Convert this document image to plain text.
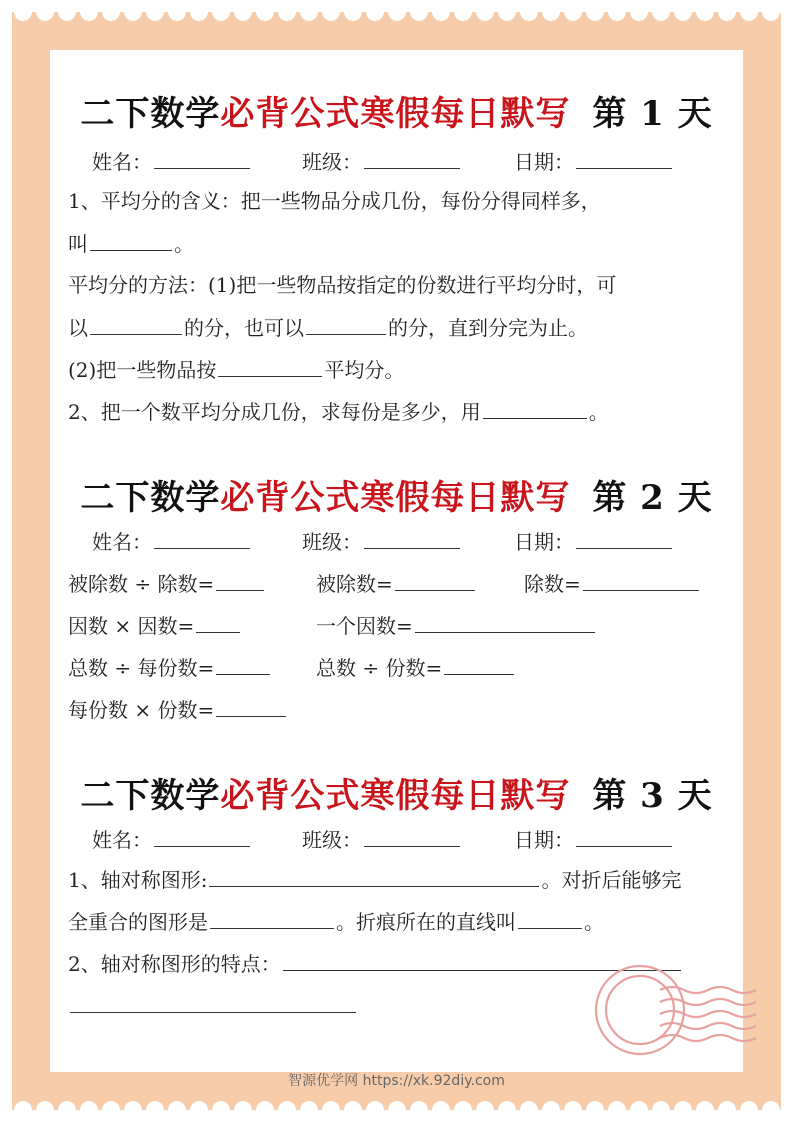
二下数学必背公式寒假每日默写 第 1 天
姓名：	班级：	日期：
1、平均分的含义：把一些物品分成几份，每份分得同样多，
叫	。
平均分的方法：(1)把一些物品按指定的份数进行平均分时，可
以	的分，也可以	的分，直到分完为止。
(2)把一些物品按	平均分。
2、把一个数平均分成几份，求每份是多少，用	。
二下数学必背公式寒假每日默写 第 2 天
姓名：	班级：	日期：
被除数 ÷ 除数=	被除数=	除数=
因数 × 因数=	一个因数=
总数 ÷ 每份数=	总数 ÷ 份数=
每份数 × 份数=
二下数学必背公式寒假每日默写 第 3 天
姓名：	班级：	日期：
1、轴对称图形:	。对折后能够完
全重合的图形是	。折痕所在的直线叫	。
2、轴对称图形的特点：
智源优学网 https://xk.92diy.com
